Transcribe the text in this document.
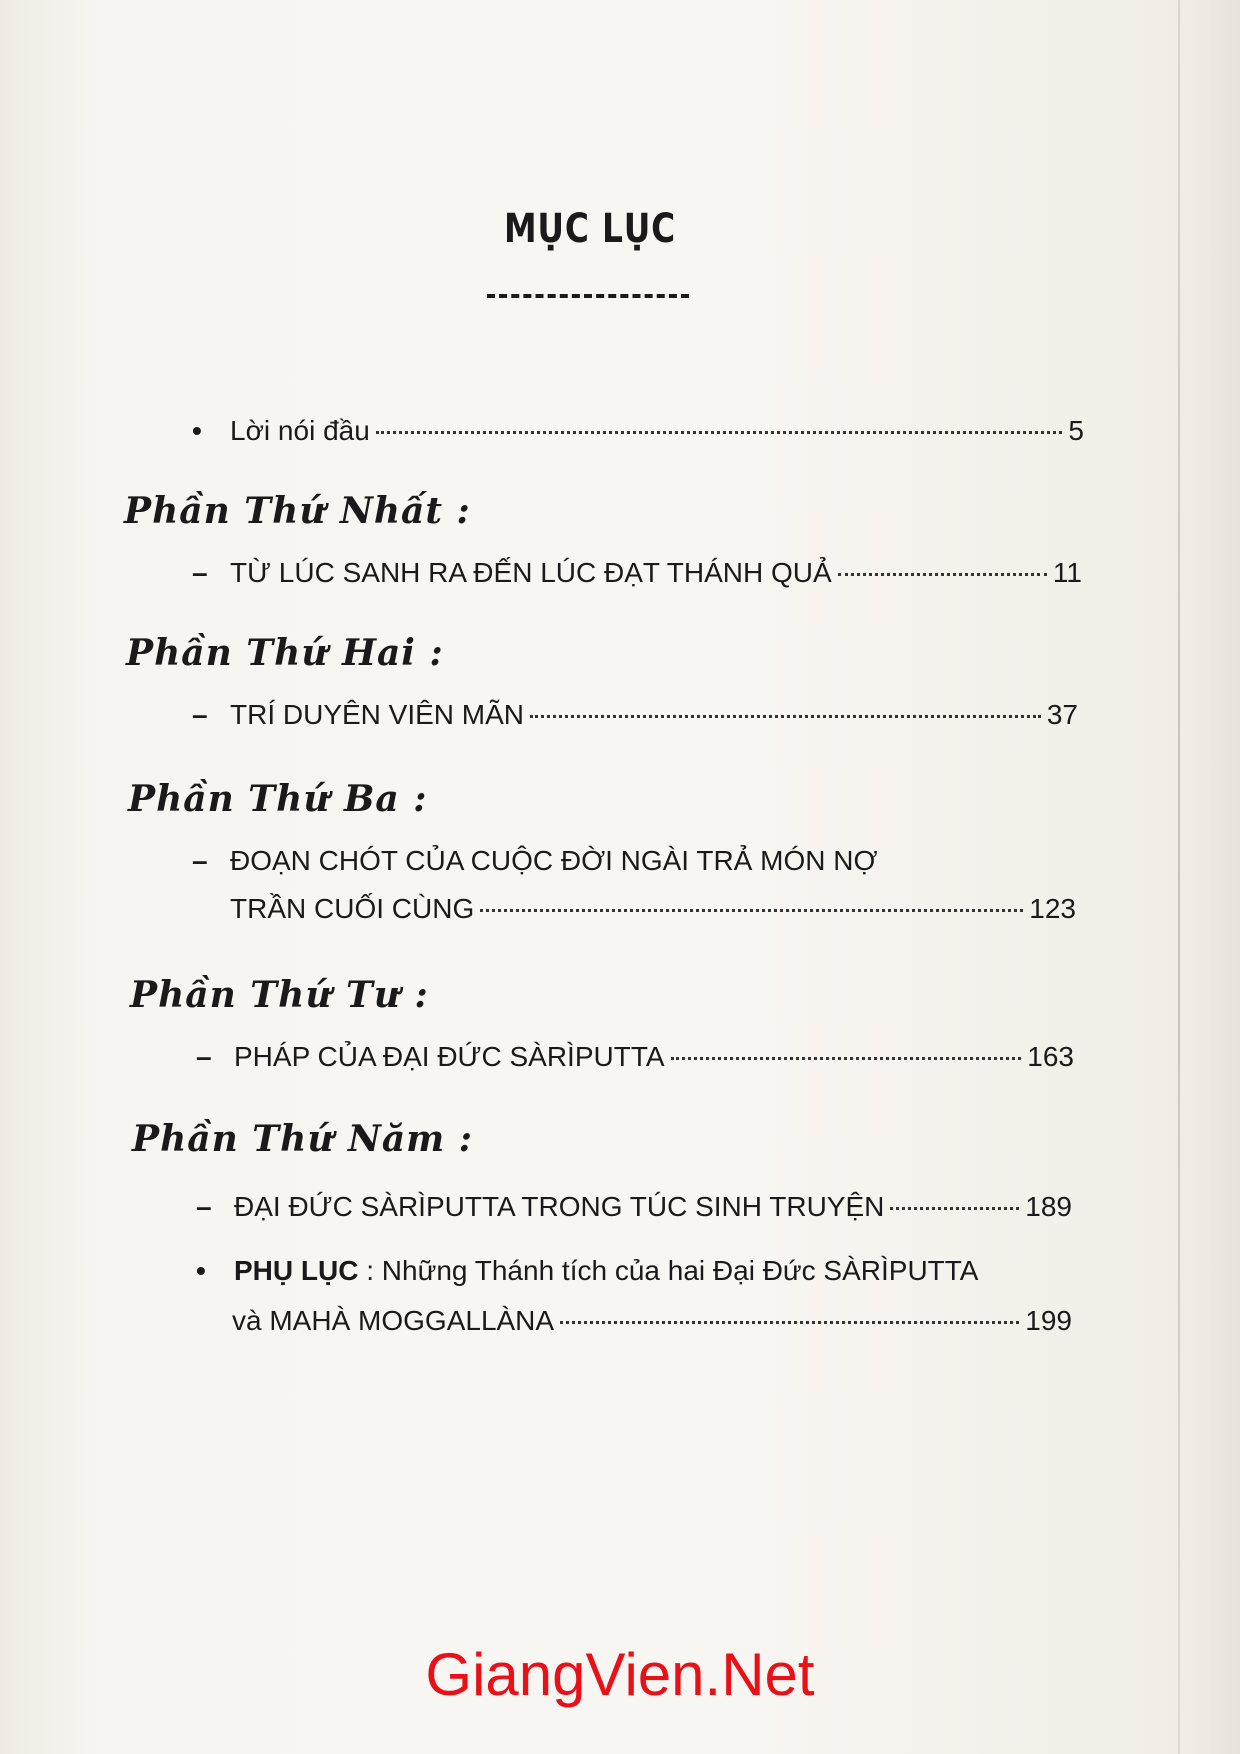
MỤC LỤC
•	Lời nói đầu	5
Phần Thứ Nhất :
– TỪ LÚC SANH RA ĐẾN LÚC ĐẠT THÁNH QUẢ	11
Phần Thứ Hai :
– TRÍ DUYÊN VIÊN MÃN	37
Phần Thứ Ba :
– ĐOẠN CHÓT CỦA CUỘC ĐỜI NGÀI TRẢ MÓN NỢ
TRẦN CUỐI CÙNG	123
Phần Thứ Tư :
– PHÁP CỦA ĐẠI ĐỨC SÀRÌPUTTA	163
Phần Thứ Năm :
– ĐẠI ĐỨC SÀRÌPUTTA TRONG TÚC SINH TRUYỆN	189
•	PHỤ LỤC : Những Thánh tích của hai Đại Đức SÀRÌPUTTA
và MAHÀ MOGGALLÀNA	199
GiangVien.Net
